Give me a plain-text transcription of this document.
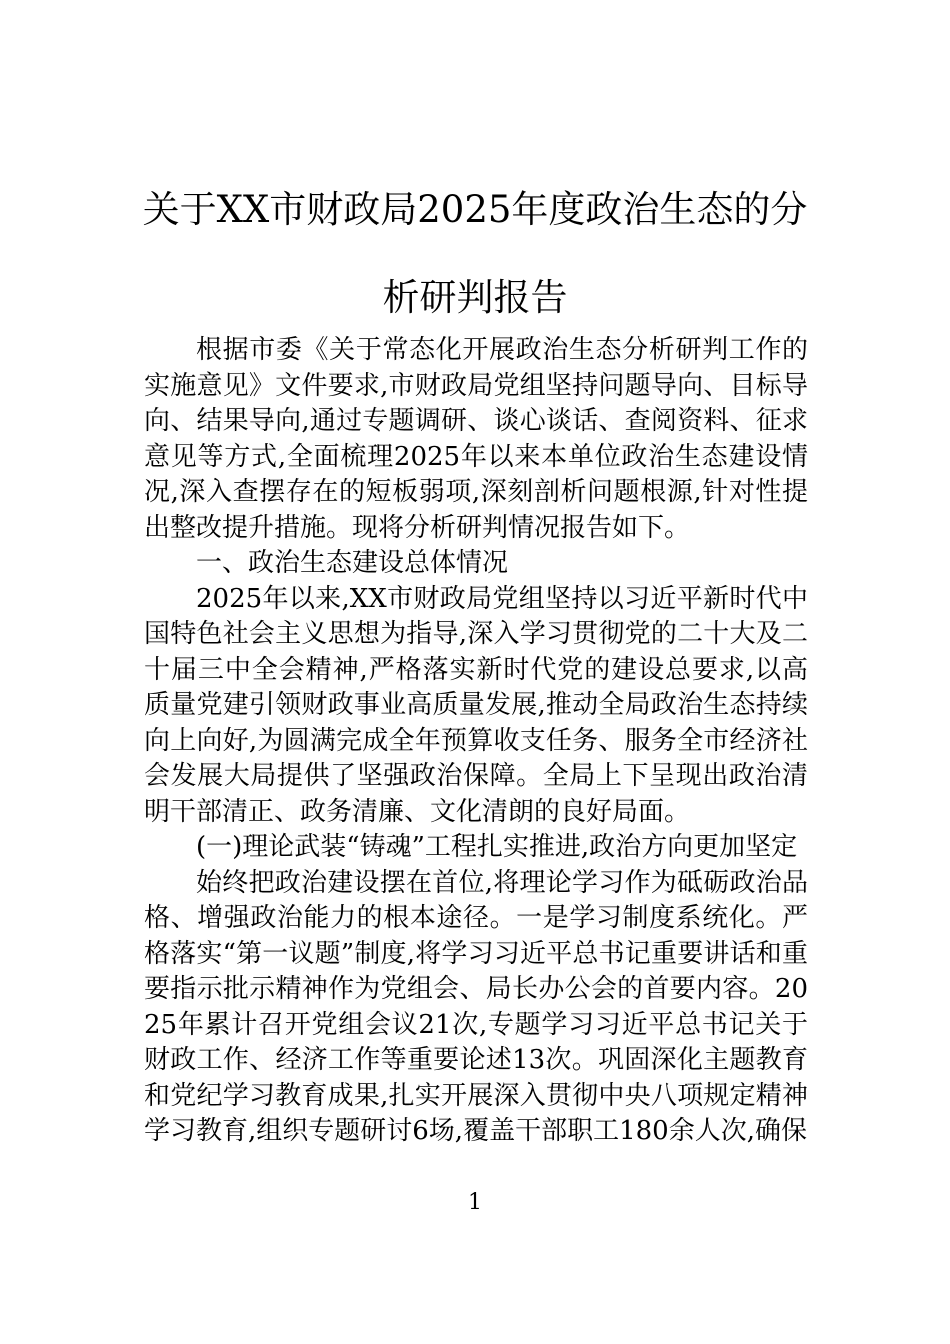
关于XX市财政局2025年度政治生态的分
析研判报告

根据市委《关于常态化开展政治生态分析研判工作的实施意见》文件要求,市财政局党组坚持问题导向、目标导向、结果导向,通过专题调研、谈心谈话、查阅资料、征求意见等方式,全面梳理2025年以来本单位政治生态建设情况,深入查摆存在的短板弱项,深刻剖析问题根源,针对性提出整改提升措施。现将分析研判情况报告如下。

一、政治生态建设总体情况

2025年以来,XX市财政局党组坚持以习近平新时代中国特色社会主义思想为指导,深入学习贯彻党的二十大及二十届三中全会精神,严格落实新时代党的建设总要求,以高质量党建引领财政事业高质量发展,推动全局政治生态持续向上向好,为圆满完成全年预算收支任务、服务全市经济社会发展大局提供了坚强政治保障。全局上下呈现出政治清明干部清正、政务清廉、文化清朗的良好局面。

(一)理论武装“铸魂”工程扎实推进,政治方向更加坚定

始终把政治建设摆在首位,将理论学习作为砥砺政治品格、增强政治能力的根本途径。一是学习制度系统化。严格落实“第一议题”制度,将学习习近平总书记重要讲话和重要指示批示精神作为党组会、局长办公会的首要内容。2025年累计召开党组会议21次,专题学习习近平总书记关于财政工作、经济工作等重要论述13次。巩固深化主题教育和党纪学习教育成果,扎实开展深入贯彻中央八项规定精神学习教育,组织专题研讨6场,覆盖干部职工180余人次,确保

1
